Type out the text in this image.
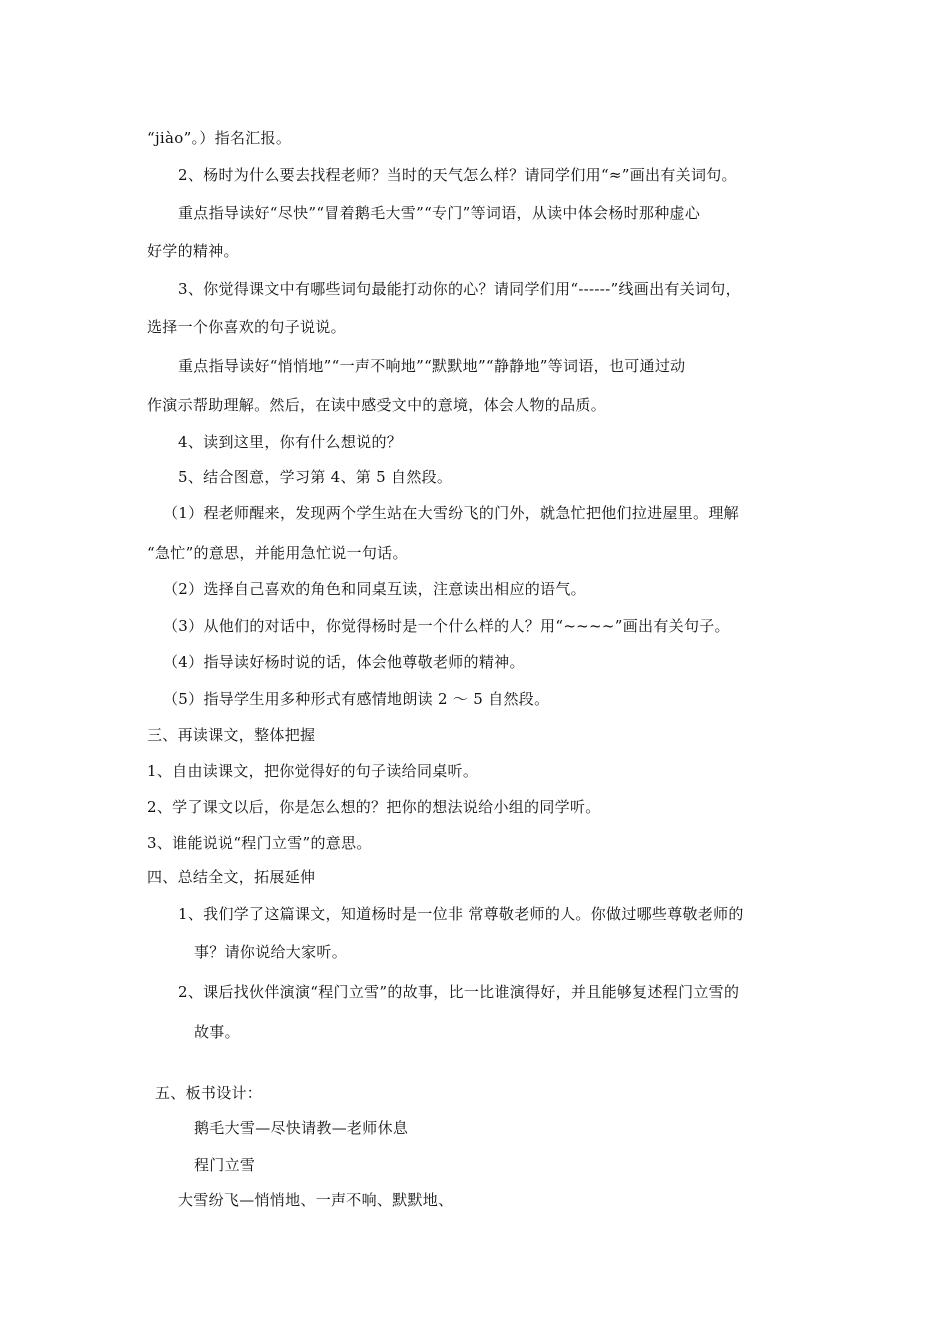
“jiào”。）指名汇报。
2、杨时为什么要去找程老师？当时的天气怎么样？请同学们用“≈”画出有关词句。
重点指导读好“尽快”“冒着鹅毛大雪”“专门”等词语，从读中体会杨时那种虚心
好学的精神。
3、你觉得课文中有哪些词句最能打动你的心？请同学们用“------”线画出有关词句，
选择一个你喜欢的句子说说。
重点指导读好“悄悄地”“一声不响地”“默默地”“静静地”等词语，也可通过动
作演示帮助理解。然后，在读中感受文中的意境，体会人物的品质。
4、读到这里，你有什么想说的？
5、结合图意，学习第 4、第 5 自然段。
（1）程老师醒来，发现两个学生站在大雪纷飞的门外，就急忙把他们拉进屋里。理解
“急忙”的意思，并能用急忙说一句话。
（2）选择自己喜欢的角色和同桌互读，注意读出相应的语气。
（3）从他们的对话中，你觉得杨时是一个什么样的人？用“~~~~”画出有关句子。
（4）指导读好杨时说的话，体会他尊敬老师的精神。
（5）指导学生用多种形式有感情地朗读 2 ～ 5 自然段。
三、再读课文，整体把握
1、自由读课文，把你觉得好的句子读给同桌听。
2、学了课文以后，你是怎么想的？把你的想法说给小组的同学听。
3、谁能说说“程门立雪”的意思。
四、总结全文，拓展延伸
1、我们学了这篇课文，知道杨时是一位非 常尊敬老师的人。你做过哪些尊敬老师的
事？请你说给大家听。
2、课后找伙伴演演“程门立雪”的故事，比一比谁演得好，并且能够复述程门立雪的
故事。
五、板书设计：
鹅毛大雪—尽快请教—老师休息
程门立雪
大雪纷飞—悄悄地、一声不响、默默地、
